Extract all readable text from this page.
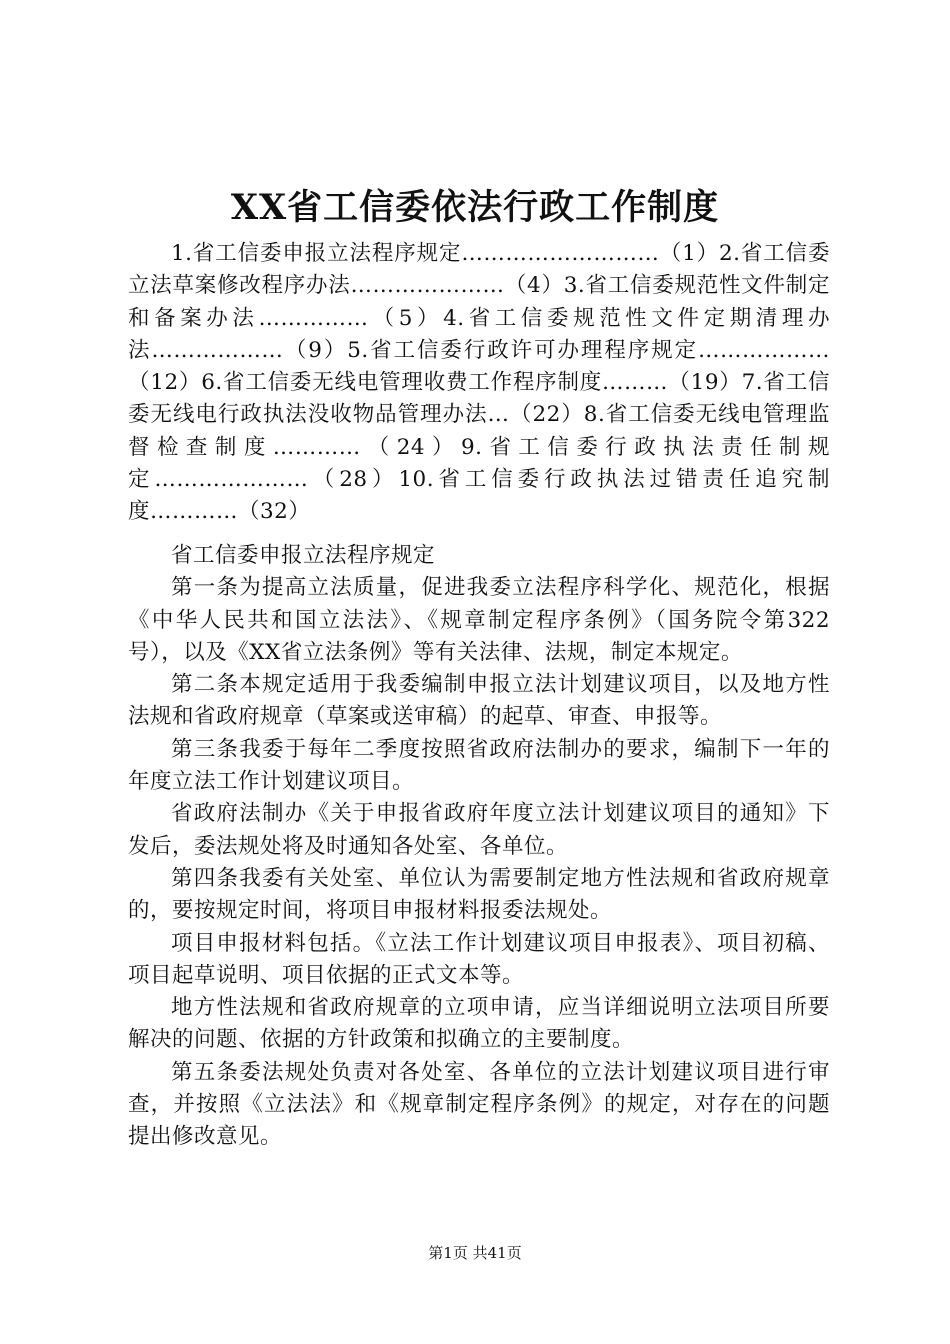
XX省工信委依法行政工作制度

1.省工信委申报立法程序规定………………………（1）2.省工信委立法草案修改程序办法…………………（4）3.省工信委规范性文件制定和备案办法……………（5）4.省工信委规范性文件定期清理办法………………（9）5.省工信委行政许可办理程序规定………………（12）6.省工信委无线电管理收费工作程序制度………（19）7.省工信委无线电行政执法没收物品管理办法…（22）8.省工信委无线电管理监督检查制度…………（24）9.省工信委行政执法责任制规定…………………（28）10.省工信委行政执法过错责任追究制度…………（32）

省工信委申报立法程序规定

第一条为提高立法质量，促进我委立法程序科学化、规范化，根据《中华人民共和国立法法》、《规章制定程序条例》（国务院令第322号），以及《XX省立法条例》等有关法律、法规，制定本规定。

第二条本规定适用于我委编制申报立法计划建议项目，以及地方性法规和省政府规章（草案或送审稿）的起草、审查、申报等。

第三条我委于每年二季度按照省政府法制办的要求，编制下一年的年度立法工作计划建议项目。

省政府法制办《关于申报省政府年度立法计划建议项目的通知》下发后，委法规处将及时通知各处室、各单位。

第四条我委有关处室、单位认为需要制定地方性法规和省政府规章的，要按规定时间，将项目申报材料报委法规处。

项目申报材料包括。《立法工作计划建议项目申报表》、项目初稿、项目起草说明、项目依据的正式文本等。

地方性法规和省政府规章的立项申请，应当详细说明立法项目所要解决的问题、依据的方针政策和拟确立的主要制度。

第五条委法规处负责对各处室、各单位的立法计划建议项目进行审查，并按照《立法法》和《规章制定程序条例》的规定，对存在的问题提出修改意见。

第1页 共41页
